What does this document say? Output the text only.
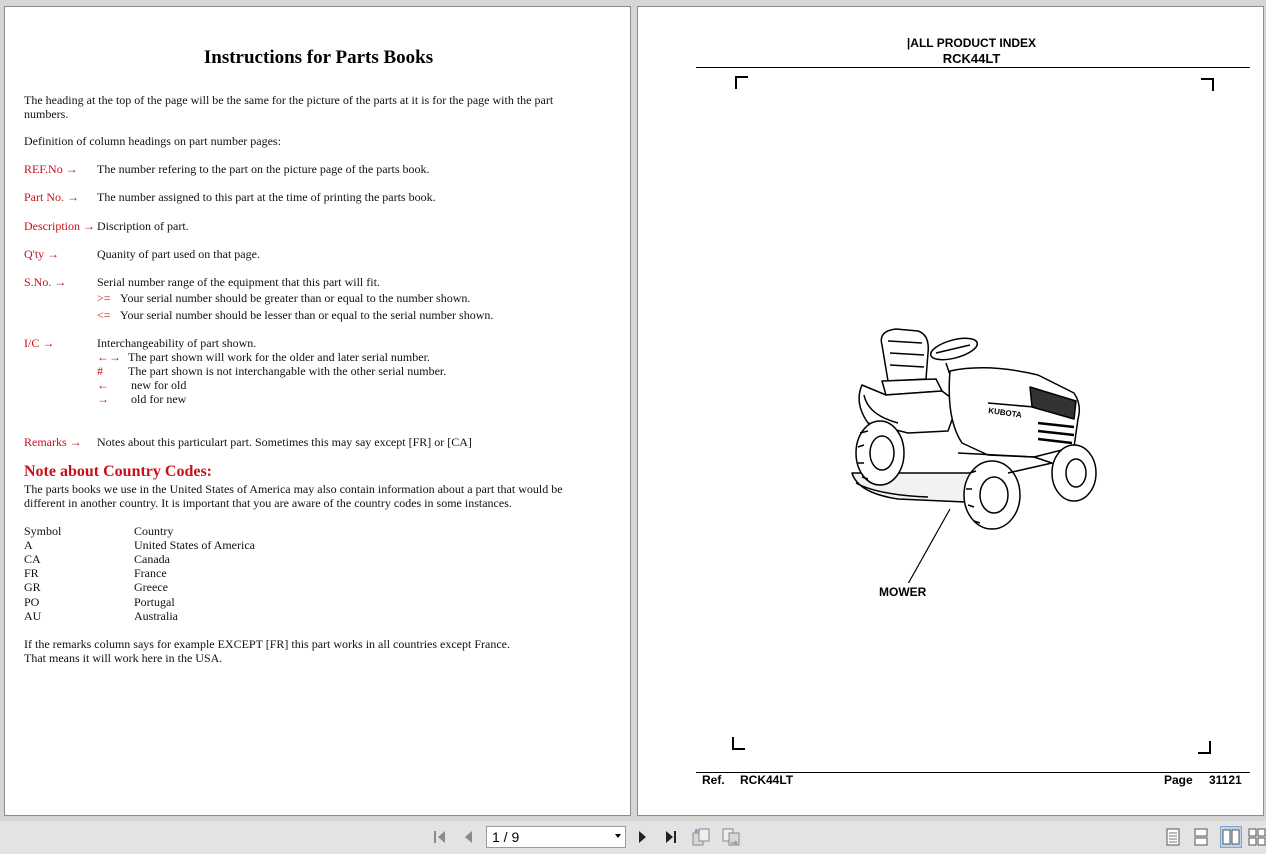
Instructions for Parts Books
The heading at the top of the page will be the same for the picture of the parts at it is for the page with the part numbers.
Definition of column headings on part number pages:
REF.No → The number refering to the part on the picture page of the parts book.
Part No. → The number assigned to this part at the time of printing the parts book.
Description → Discription of part.
Q'ty →	Quanity of part used on that page.
S.No. →	Serial number range of the equipment that this part will fit.
>= Your serial number should be greater than or equal to the number shown.
<= Your serial number should be lesser than or equal to the serial number shown.
I/C →	Interchangeability of part shown.
←→ The part shown will work for the older and later serial number.
# The part shown is not interchangable with the other serial number.
← new for old
→ old for new
Remarks → Notes about this particulart part. Sometimes this may say except [FR] or [CA]
Note about Country Codes:
The parts books we use in the United States of America may also contain information about a part that would be different in another country. It is important that you are aware of the country codes in some instances.
Symbol	Country
A	United States of America
CA	Canada
FR	France
GR	Greece
PO	Portugal
AU	Australia
If the remarks column says for example EXCEPT [FR] this part works in all countries except France.
That means it will work here in the USA.
|ALL PRODUCT INDEX
RCK44LT
KUBOTA
MOWER
Ref. RCK44LT	Page 31121
1 / 9
